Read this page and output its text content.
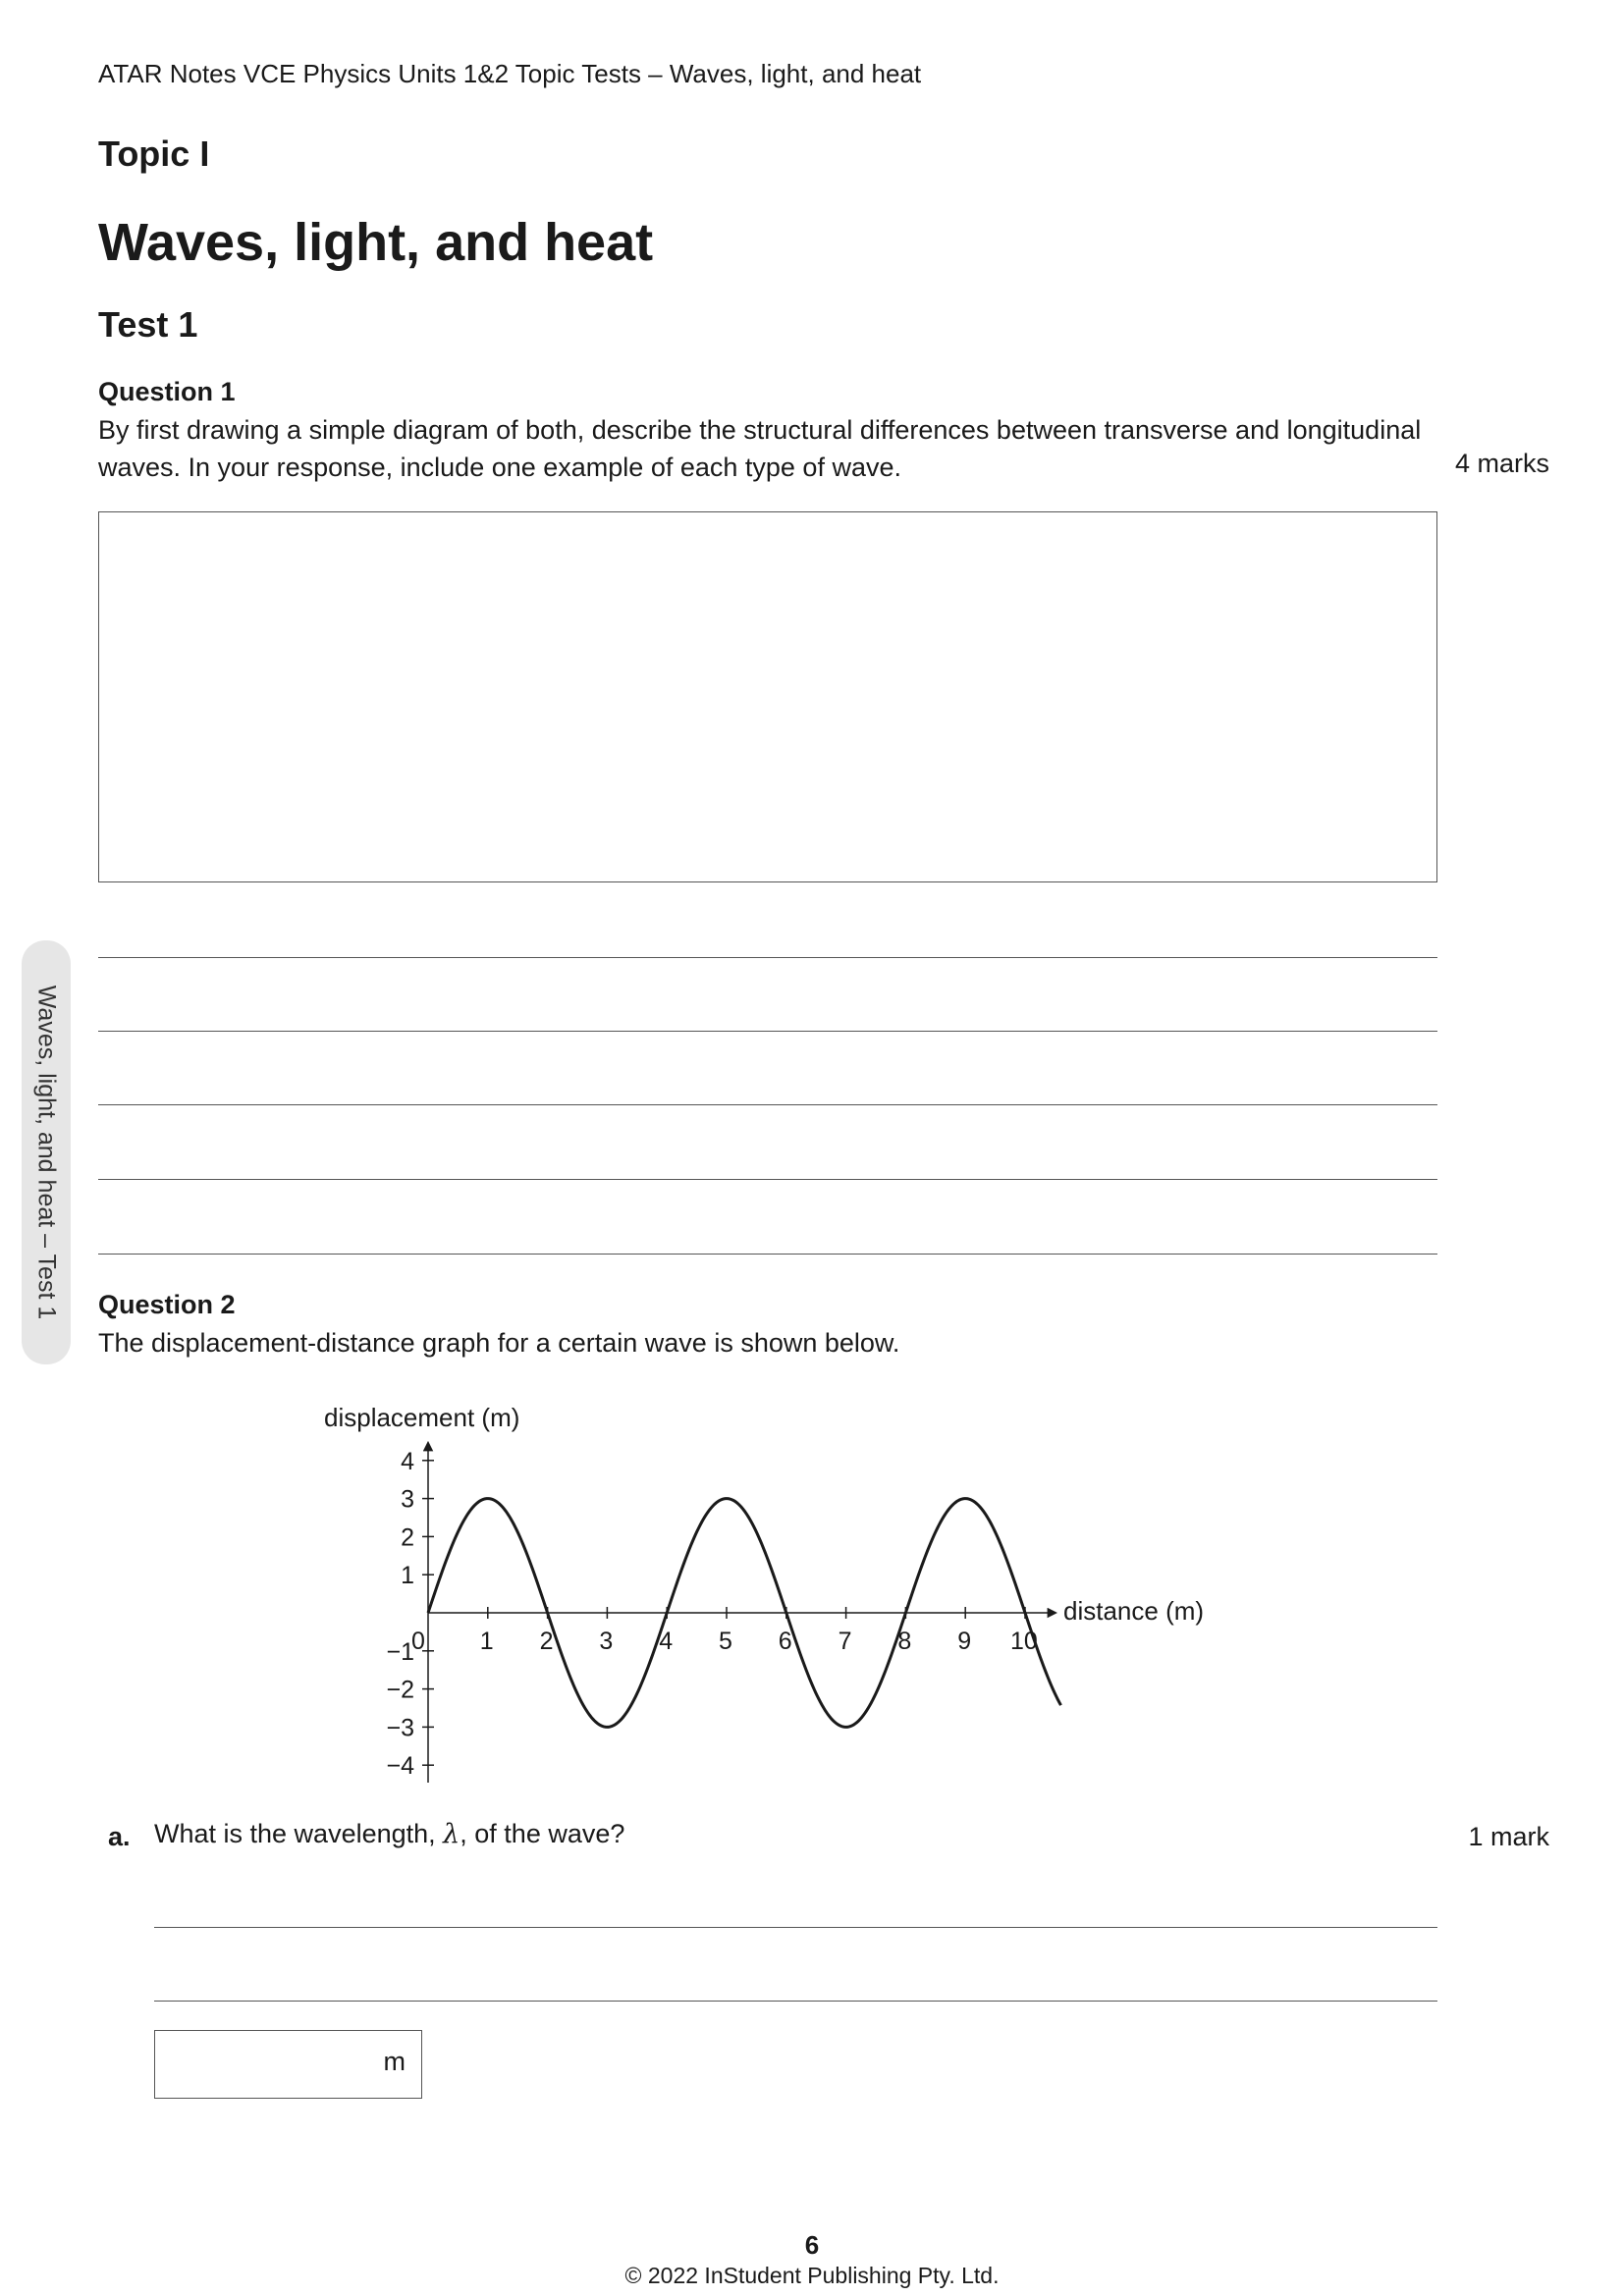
ATAR Notes VCE Physics Units 1&2 Topic Tests – Waves, light, and heat
Topic I
Waves, light, and heat
Test 1
Waves, light, and heat – Test 1
Question 1
By first drawing a simple diagram of both, describe the structural differences between transverse and longitudinal
waves. In your response, include one example of each type of wave.	4 marks
Question 2
The displacement-distance graph for a certain wave is shown below.
displacement (m)
distance (m)
0 1 2 3 4 5 6 7 8 9 10
4
3
2
1
−1
−2
−3
−4
a. What is the wavelength, λ, of the wave?	1 mark
m
6
© 2022 InStudent Publishing Pty. Ltd.
